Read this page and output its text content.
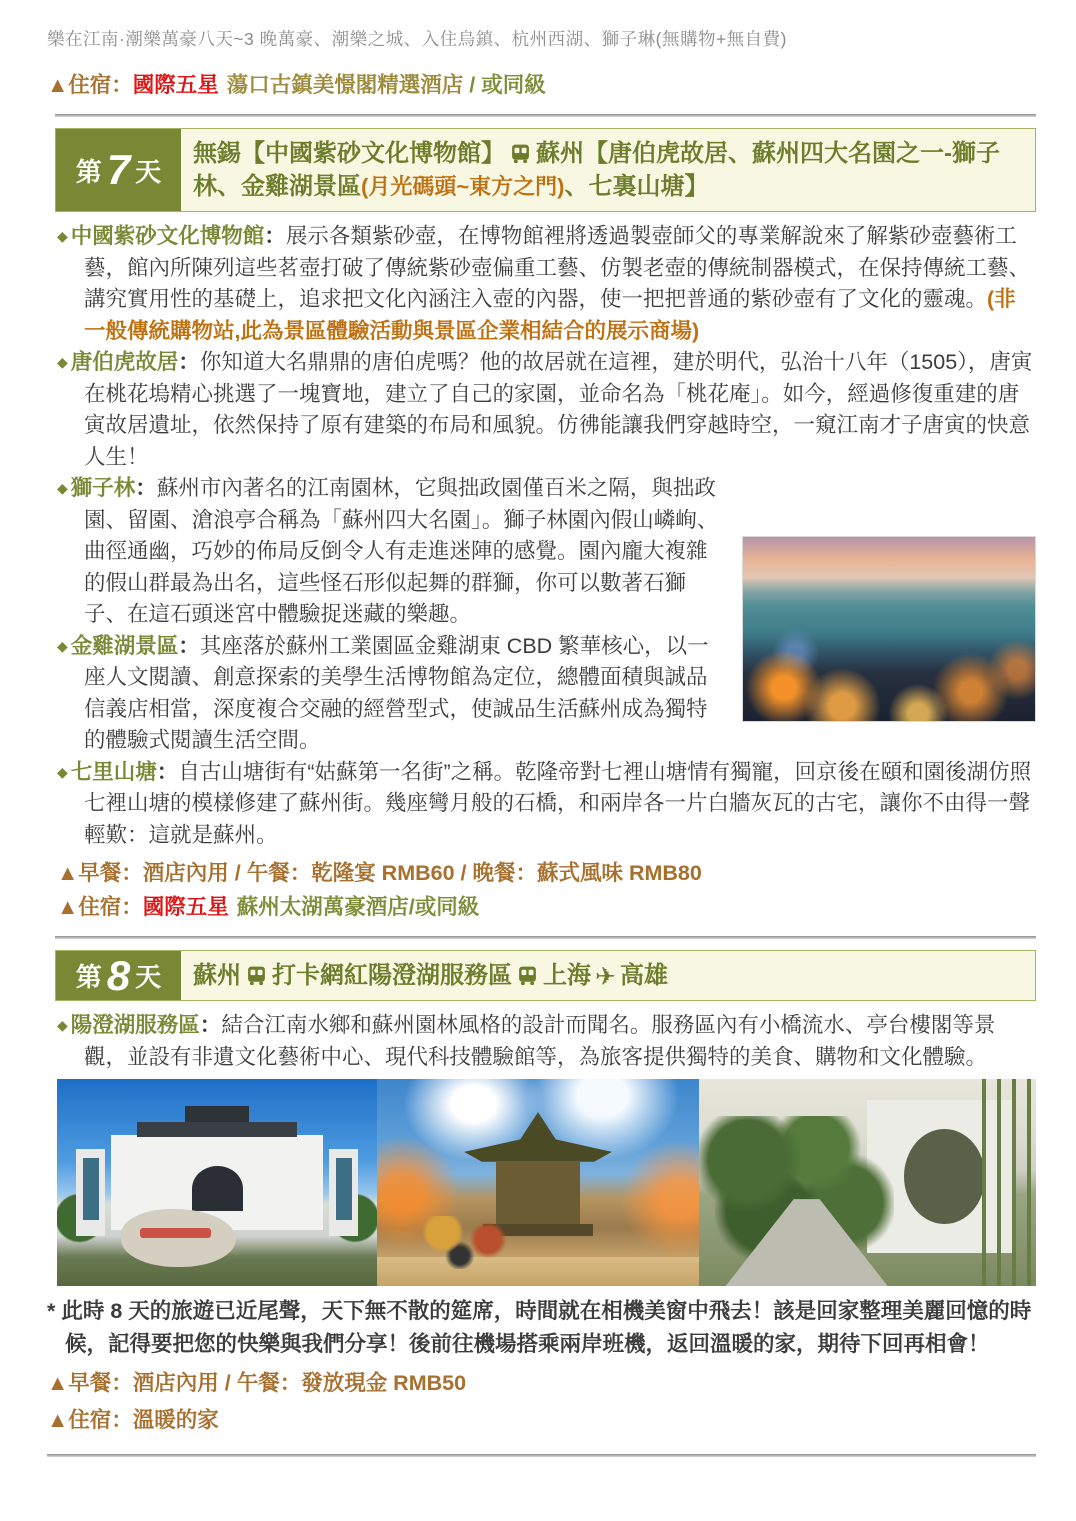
樂在江南·潮樂萬豪八天~3 晚萬豪、潮樂之城、入住烏鎮、杭州西湖、獅子琳(無購物+無自費)
▲住宿：國際五星 蕩口古鎮美憬閣精選酒店 / 或同級
第 7 天
無錫【中國紫砂文化博物館】 蘇州【唐伯虎故居、蘇州四大名園之一-獅子林、金雞湖景區(月光碼頭~東方之門)、七裏山塘】

◆ 中國紫砂文化博物館：展示各類紫砂壺，在博物館裡將透過製壺師父的專業解說來了解紫砂壺藝術工藝，館內所陳列這些茗壺打破了傳統紫砂壺偏重工藝、仿製老壺的傳統制器模式，在保持傳統工藝、講究實用性的基礎上，追求把文化內涵注入壺的內器，使一把把普通的紫砂壺有了文化的靈魂。(非一般傳統購物站,此為景區體驗活動與景區企業相結合的展示商場)

◆ 唐伯虎故居：你知道大名鼎鼎的唐伯虎嗎？他的故居就在這裡，建於明代，弘治十八年（1505），唐寅在桃花塢精心挑選了一塊寶地，建立了自己的家園，並命名為「桃花庵」。如今，經過修復重建的唐寅故居遺址，依然保持了原有建築的布局和風貌。仿彿能讓我們穿越時空，一窺江南才子唐寅的快意人生！

◆ 獅子林：蘇州市內著名的江南園林，它與拙政園僅百米之隔，與拙政園、留園、滄浪亭合稱為「蘇州四大名園」。獅子林園內假山嶙峋、曲徑通幽，巧妙的佈局反倒令人有走進迷陣的感覺。園內龐大複雜的假山群最為出名，這些怪石形似起舞的群獅，你可以數著石獅子、在這石頭迷宮中體驗捉迷藏的樂趣。

◆ 金雞湖景區：其座落於蘇州工業園區金雞湖東 CBD 繁華核心，以一座人文閱讀、創意探索的美學生活博物館為定位，總體面積與誠品信義店相當，深度複合交融的經營型式，使誠品生活蘇州成為獨特的體驗式閱讀生活空間。

◆ 七里山塘：自古山塘街有“姑蘇第一名街”之稱。乾隆帝對七裡山塘情有獨寵，回京後在頤和園後湖仿照七裡山塘的模樣修建了蘇州街。幾座彎月般的石橋，和兩岸各一片白牆灰瓦的古宅，讓你不由得一聲輕歎：這就是蘇州。

▲早餐：酒店內用 / 午餐：乾隆宴 RMB60 / 晚餐：蘇式風味 RMB80
▲住宿：國際五星 蘇州太湖萬豪酒店/或同級
第 8 天 蘇州 打卡網紅陽澄湖服務區 上海 ✈ 高雄

◆ 陽澄湖服務區：結合江南水鄉和蘇州園林風格的設計而聞名。服務區內有小橋流水、亭台樓閣等景觀，並設有非遺文化藝術中心、現代科技體驗館等，為旅客提供獨特的美食、購物和文化體驗。

* 此時 8 天的旅遊已近尾聲，天下無不散的筵席，時間就在相機美窗中飛去！該是回家整理美麗回憶的時候，記得要把您的快樂與我們分享！後前往機場搭乘兩岸班機，返回溫暖的家，期待下回再相會！
▲早餐：酒店內用 / 午餐：發放現金 RMB50
▲住宿：溫暖的家
